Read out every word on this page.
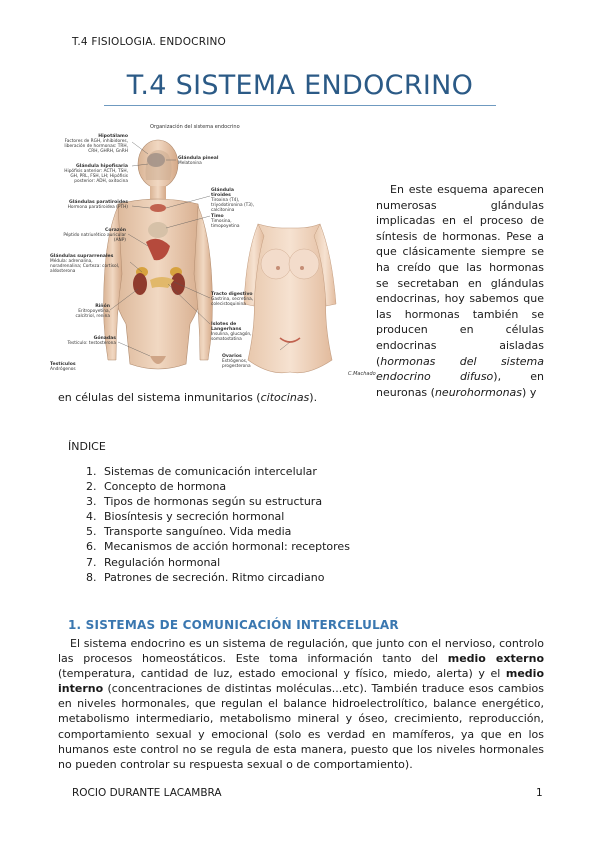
T.4 FISIOLOGIA. ENDOCRINO
T.4 SISTEMA ENDOCRINO
Organización del sistema endocrino
Hipotálamo
Factores de RGH, inhibidores, liberación de hormonas: TRH, CRH, GHRH, GnRH
Glándula hipofisaria
Hipófisis anterior: ACTH, TSH, GH, PRL, FSH, LH; Hipófisis posterior: ADH, oxitocina
Glándulas paratiroides
Hormona paratiroidea (PTH)
Corazón
Péptido natriurético auricular (ANP)
Glándulas suprarrenales
Médula: adrenalina, noradrenalina; Corteza: cortisol, aldosterona
Riñón
Eritropoyetina, calcitriol, renina
Gónadas
Testículo: testosterona
Testículos
Andrógenos
Glándula pineal
Melatonina
Glándula tiroides
Tiroxina (T4), triyodotironina (T3), calcitonina
Timo
Timosina, timopoyetina
Tracto digestivo
Gastrina, secretina, colecistoquinina
Islotes de Langerhans
Insulina, glucagón, somatostatina
Ovarios
Estrógenos, progesterona
C.Machado
En este esquema aparecen numerosas glándulas implicadas en el proceso de síntesis de hormonas. Pese a que clásicamente siempre se ha creído que las hormonas se secretaban en glándulas endocrinas, hoy sabemos que las hormonas también se producen en células endocrinas aisladas (hormonas del sistema endocrino difuso), en neuronas (neurohormonas) y
en células del sistema inmunitarios (citocinas).
ÍNDICE
1. Sistemas de comunicación intercelular
2. Concepto de hormona
3. Tipos de hormonas según su estructura
4. Biosíntesis y secreción hormonal
5. Transporte sanguíneo. Vida media
6. Mecanismos de acción hormonal: receptores
7. Regulación hormonal
8. Patrones de secreción. Ritmo circadiano
1. SISTEMAS DE COMUNICACIÓN INTERCELULAR
El sistema endocrino es un sistema de regulación, que junto con el nervioso, controlo las procesos homeostáticos. Este toma información tanto del medio externo (temperatura, cantidad de luz, estado emocional y físico, miedo, alerta) y el medio interno (concentraciones de distintas moléculas...etc). También traduce esos cambios en niveles hormonales, que regulan el balance hidroelectrolítico, balance energético, metabolismo intermediario, metabolismo mineral y óseo, crecimiento, reproducción, comportamiento sexual y emocional (solo es verdad en mamíferos, ya que en los humanos este control no se regula de esta manera, puesto que los niveles hormonales no pueden controlar su respuesta sexual o de comportamiento).
ROCIO DURANTE LACAMBRA	1
